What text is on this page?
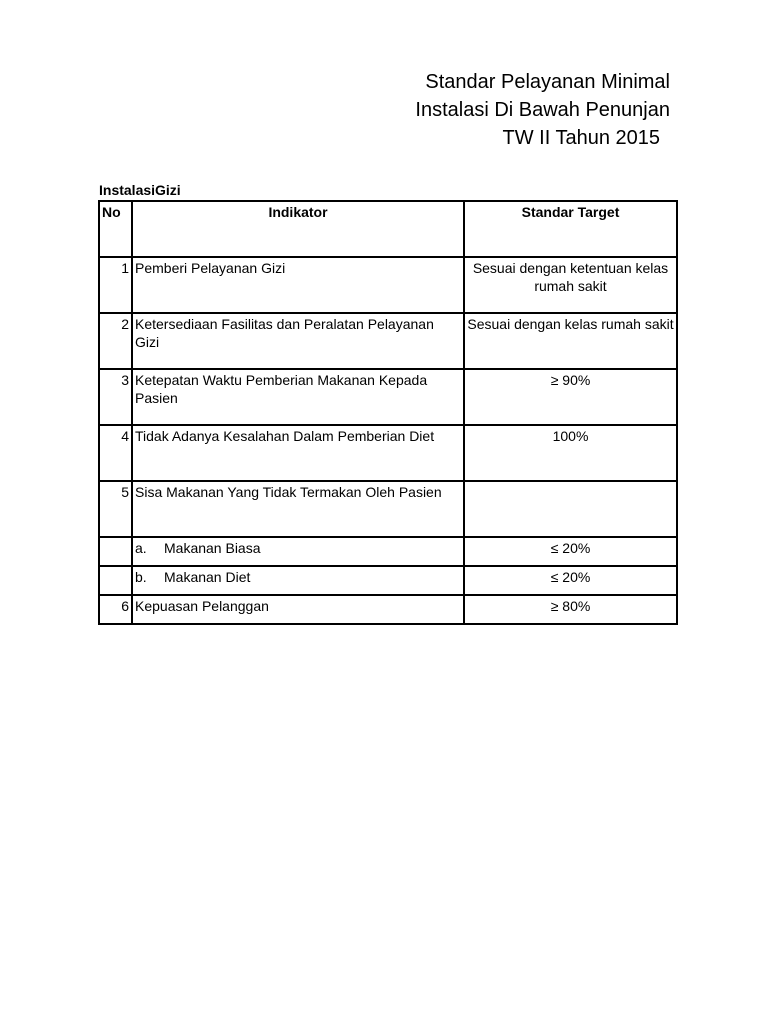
Standar Pelayanan Minimal
Instalasi Di Bawah Penunjan
TW II Tahun 2015
InstalasiGizi
No	Indikator	Standar Target
1	Pemberi Pelayanan Gizi	Sesuai dengan ketentuan kelas rumah sakit
2	Ketersediaan Fasilitas dan Peralatan Pelayanan Gizi	Sesuai dengan kelas rumah sakit
3	Ketepatan Waktu Pemberian Makanan Kepada Pasien	≥ 90%
4	Tidak Adanya Kesalahan Dalam Pemberian Diet	100%
5	Sisa Makanan Yang Tidak Termakan Oleh Pasien	
	a. Makanan Biasa	≤ 20%
	b. Makanan Diet	≤ 20%
6	Kepuasan Pelanggan	≥ 80%
